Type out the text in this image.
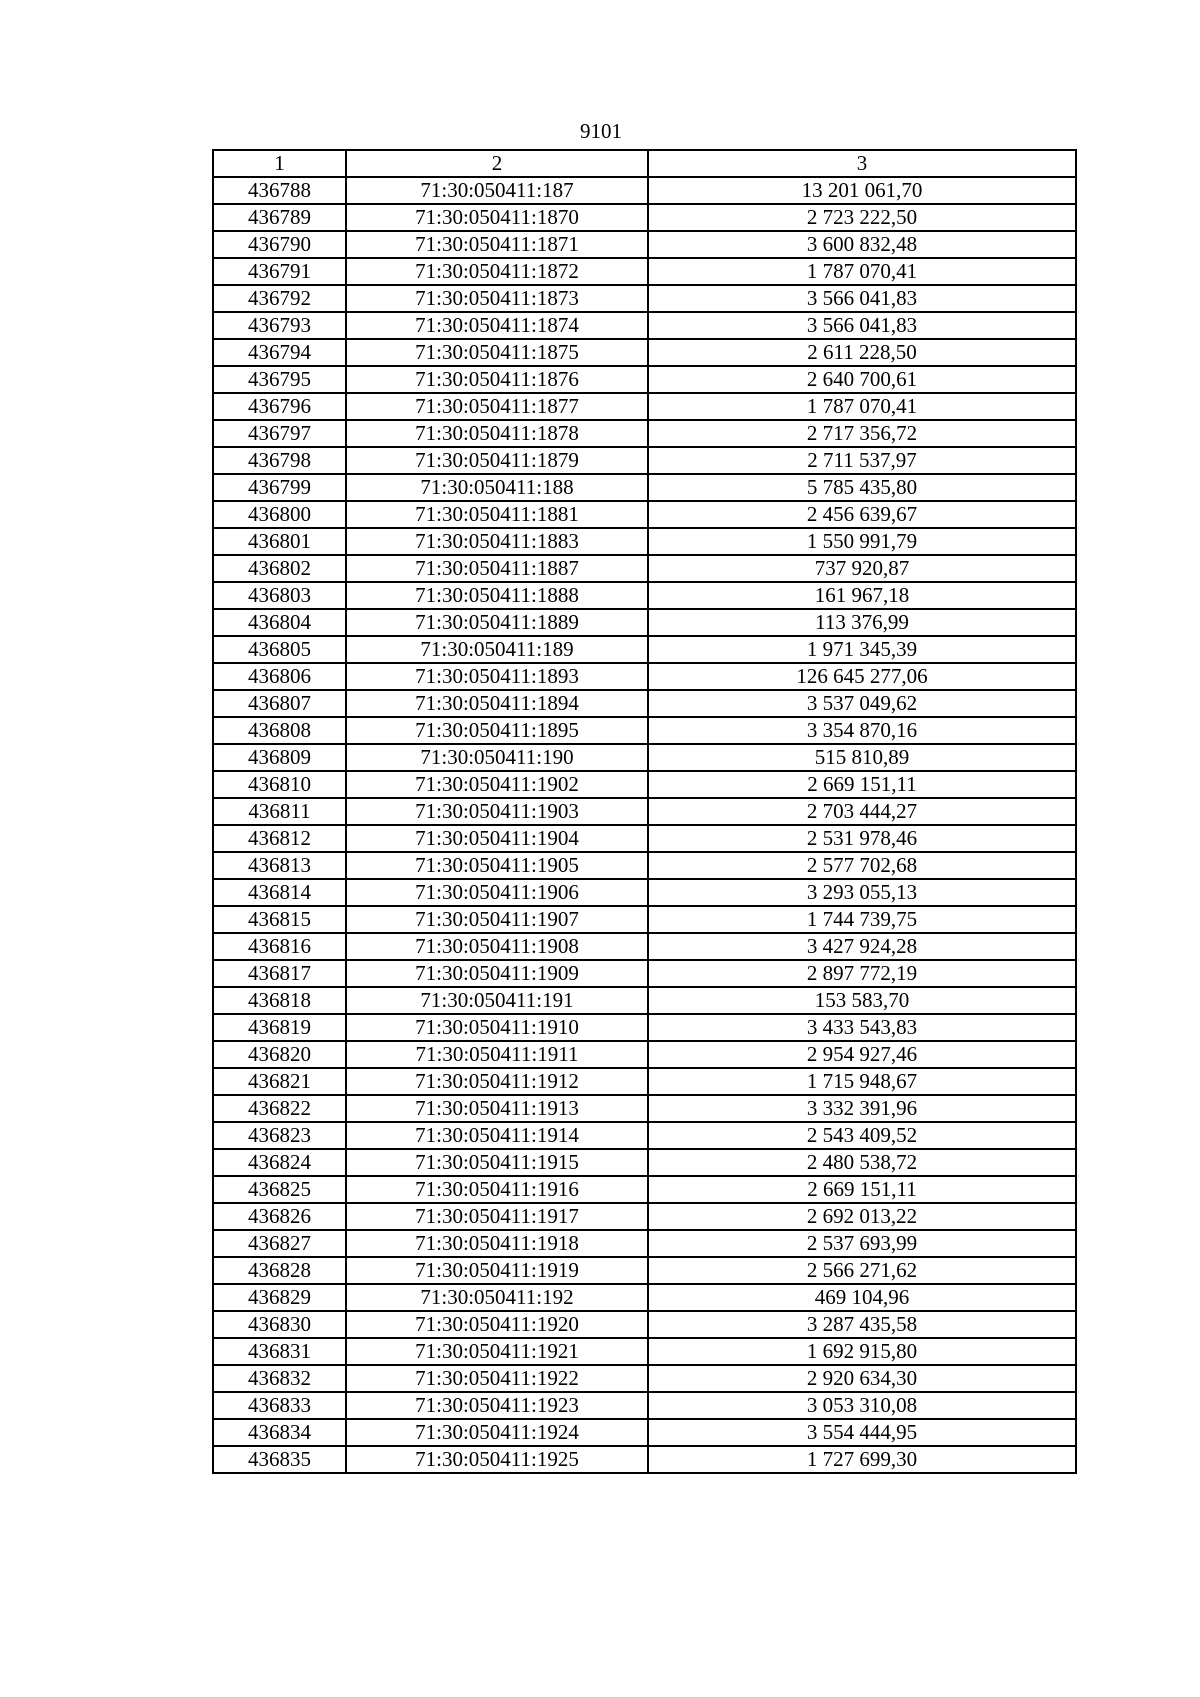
9101
1	2	3
436788	71:30:050411:187	13 201 061,70
436789	71:30:050411:1870	2 723 222,50
436790	71:30:050411:1871	3 600 832,48
436791	71:30:050411:1872	1 787 070,41
436792	71:30:050411:1873	3 566 041,83
436793	71:30:050411:1874	3 566 041,83
436794	71:30:050411:1875	2 611 228,50
436795	71:30:050411:1876	2 640 700,61
436796	71:30:050411:1877	1 787 070,41
436797	71:30:050411:1878	2 717 356,72
436798	71:30:050411:1879	2 711 537,97
436799	71:30:050411:188	5 785 435,80
436800	71:30:050411:1881	2 456 639,67
436801	71:30:050411:1883	1 550 991,79
436802	71:30:050411:1887	737 920,87
436803	71:30:050411:1888	161 967,18
436804	71:30:050411:1889	113 376,99
436805	71:30:050411:189	1 971 345,39
436806	71:30:050411:1893	126 645 277,06
436807	71:30:050411:1894	3 537 049,62
436808	71:30:050411:1895	3 354 870,16
436809	71:30:050411:190	515 810,89
436810	71:30:050411:1902	2 669 151,11
436811	71:30:050411:1903	2 703 444,27
436812	71:30:050411:1904	2 531 978,46
436813	71:30:050411:1905	2 577 702,68
436814	71:30:050411:1906	3 293 055,13
436815	71:30:050411:1907	1 744 739,75
436816	71:30:050411:1908	3 427 924,28
436817	71:30:050411:1909	2 897 772,19
436818	71:30:050411:191	153 583,70
436819	71:30:050411:1910	3 433 543,83
436820	71:30:050411:1911	2 954 927,46
436821	71:30:050411:1912	1 715 948,67
436822	71:30:050411:1913	3 332 391,96
436823	71:30:050411:1914	2 543 409,52
436824	71:30:050411:1915	2 480 538,72
436825	71:30:050411:1916	2 669 151,11
436826	71:30:050411:1917	2 692 013,22
436827	71:30:050411:1918	2 537 693,99
436828	71:30:050411:1919	2 566 271,62
436829	71:30:050411:192	469 104,96
436830	71:30:050411:1920	3 287 435,58
436831	71:30:050411:1921	1 692 915,80
436832	71:30:050411:1922	2 920 634,30
436833	71:30:050411:1923	3 053 310,08
436834	71:30:050411:1924	3 554 444,95
436835	71:30:050411:1925	1 727 699,30
